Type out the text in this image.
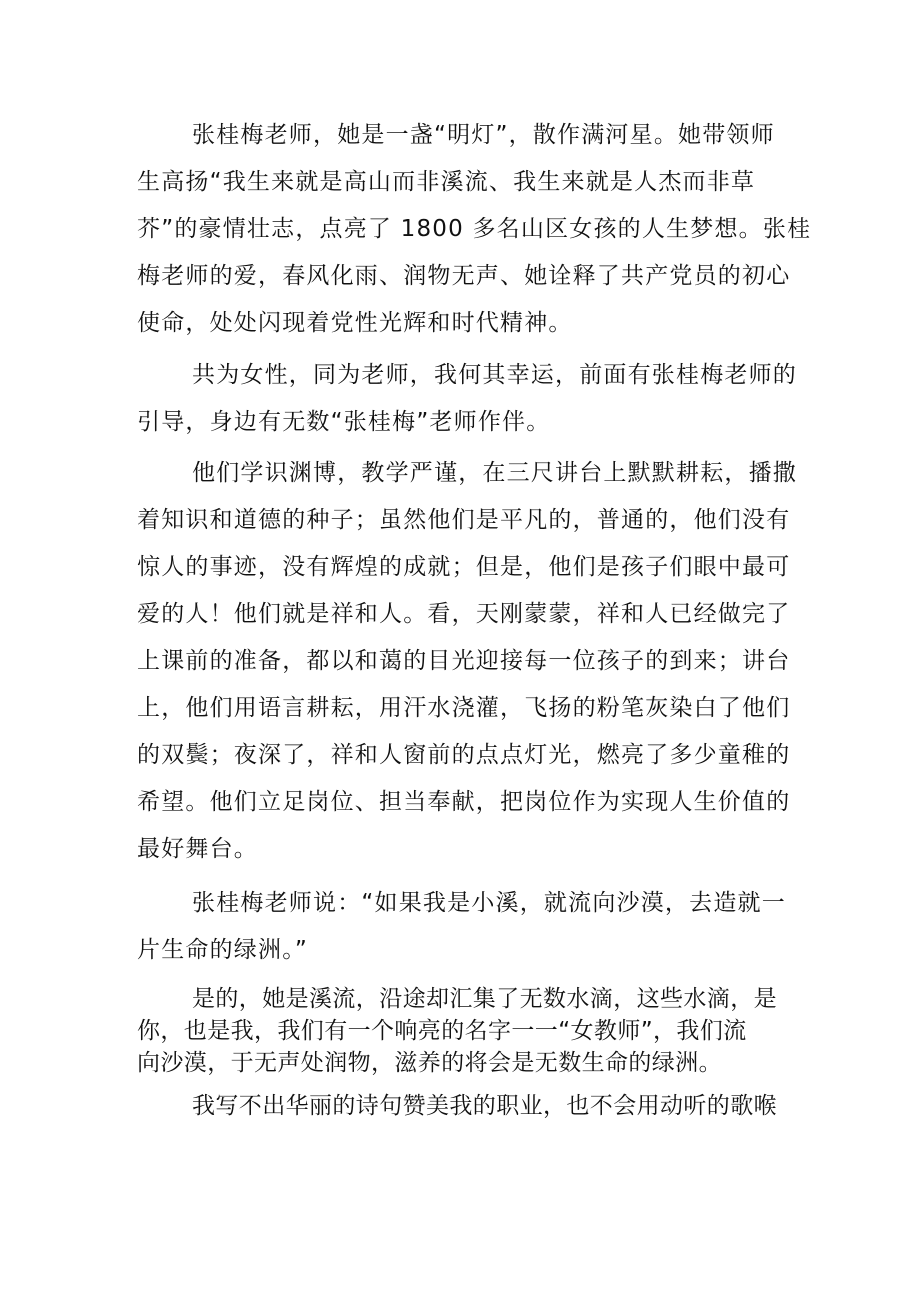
张桂梅老师，她是一盏“明灯”，散作满河星。她带领师
生高扬“我生来就是高山而非溪流、我生来就是人杰而非草
芥”的豪情壮志，点亮了 1800 多名山区女孩的人生梦想。张桂
梅老师的爱，春风化雨、润物无声、她诠释了共产党员的初心
使命，处处闪现着党性光辉和时代精神。
共为女性，同为老师，我何其幸运，前面有张桂梅老师的
引导，身边有无数“张桂梅”老师作伴。
他们学识渊博，教学严谨，在三尺讲台上默默耕耘，播撒
着知识和道德的种子；虽然他们是平凡的，普通的，他们没有
惊人的事迹，没有辉煌的成就；但是，他们是孩子们眼中最可
爱的人！他们就是祥和人。看，天刚蒙蒙，祥和人已经做完了
上课前的准备，都以和蔼的目光迎接每一位孩子的到来；讲台
上，他们用语言耕耘，用汗水浇灌，飞扬的粉笔灰染白了他们
的双鬓；夜深了，祥和人窗前的点点灯光，燃亮了多少童稚的
希望。他们立足岗位、担当奉献，把岗位作为实现人生价值的
最好舞台。
张桂梅老师说：“如果我是小溪，就流向沙漠，去造就一
片生命的绿洲。”
是的，她是溪流，沿途却汇集了无数水滴，这些水滴，是
你，也是我，我们有一个响亮的名字一一“女教师”，我们流
向沙漠，于无声处润物，滋养的将会是无数生命的绿洲。
我写不出华丽的诗句赞美我的职业，也不会用动听的歌喉
